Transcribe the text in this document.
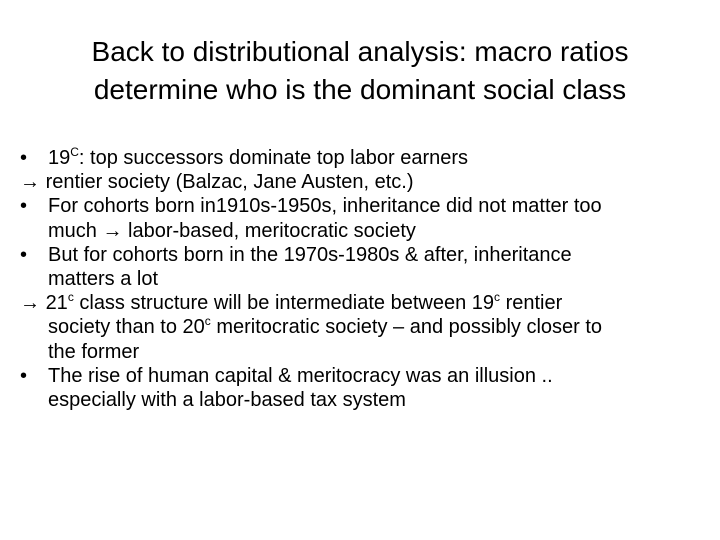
Back to distributional analysis: macro ratios
determine who is the dominant social class
• $19^C$: top successors dominate top labor earners
→ rentier society (Balzac, Jane Austen, etc.)
• For cohorts born in1910s-1950s, inheritance did not matter too
much → labor-based, meritocratic society
• But for cohorts born in the 1970s-1980s & after, inheritance
matters a lot
→ $21^c$ class structure will be intermediate between 19$^c$ rentier
society than to 20$^c$ meritocratic society – and possibly closer to
the former
• The rise of human capital & meritocracy was an illusion ..
especially with a labor-based tax system
